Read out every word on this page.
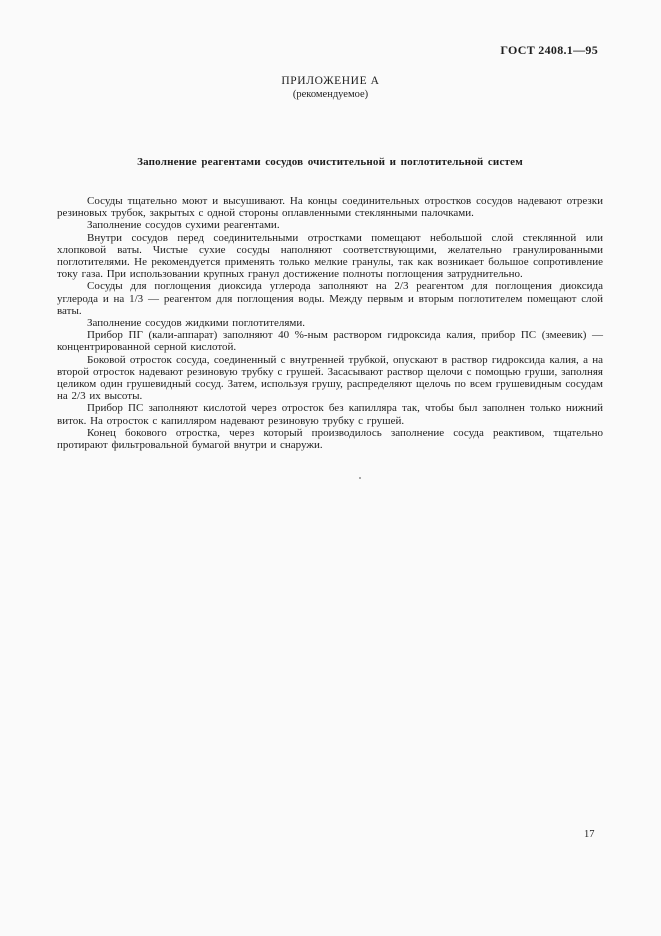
ГОСТ 2408.1—95
ПРИЛОЖЕНИЕ А
(рекомендуемое)
Заполнение реагентами сосудов очистительной и поглотительной систем

Сосуды тщательно моют и высушивают. На концы соединительных отростков сосудов надевают отрезки резиновых трубок, закрытых с одной стороны оплавленными стеклянными палочками.

Заполнение сосудов сухими реагентами.

Внутри сосудов перед соединительными отростками помещают небольшой слой стеклянной или хлопковой ваты. Чистые сухие сосуды наполняют соответствующими, желательно гранулированными поглотителями. Не рекомендуется применять только мелкие гранулы, так как возникает большое сопротивление току газа. При использовании крупных гранул достижение полноты поглощения затруднительно.

Сосуды для поглощения диоксида углерода заполняют на 2/3 реагентом для поглощения диоксида углерода и на 1/3 — реагентом для поглощения воды. Между первым и вторым поглотителем помещают слой ваты.

Заполнение сосудов жидкими поглотителями.

Прибор ПГ (кали-аппарат) заполняют 40 %-ным раствором гидроксида калия, прибор ПС (змеевик) — концентрированной серной кислотой.

Боковой отросток сосуда, соединенный с внутренней трубкой, опускают в раствор гидроксида калия, а на второй отросток надевают резиновую трубку с грушей. Засасывают раствор щелочи с помощью груши, заполняя целиком один грушевидный сосуд. Затем, используя грушу, распределяют щелочь по всем грушевидным сосудам на 2/3 их высоты.

Прибор ПС заполняют кислотой через отросток без капилляра так, чтобы был заполнен только нижний виток. На отросток с капилляром надевают резиновую трубку с грушей.

Конец бокового отростка, через который производилось заполнение сосуда реактивом, тщательно протирают фильтровальной бумагой внутри и снаружи.

17
